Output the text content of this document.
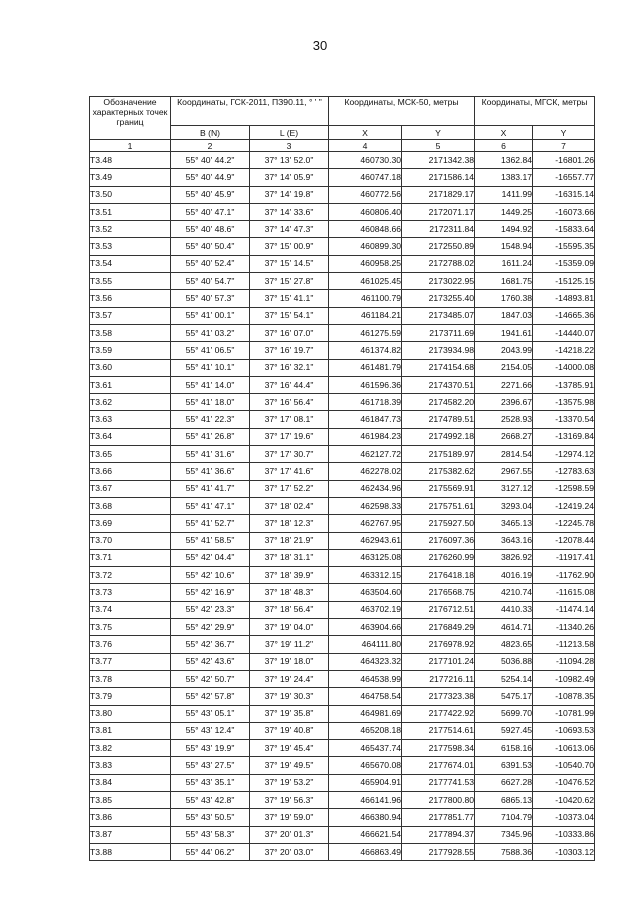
30
Обозначение характерных точек границ	Координаты, ГСК-2011, ПЗ90.11, ° ' "		Координаты, МСК-50, метры		Координаты, МГСК, метры	
	B (N)	L (E)	X	Y	X	Y
1	2	3	4	5	6	7
Т3.48	55° 40' 44.2"	37° 13' 52.0"	460730.30	2171342.38	1362.84	-16801.26
Т3.49	55° 40' 44.9"	37° 14' 05.9"	460747.18	2171586.14	1383.17	-16557.77
Т3.50	55° 40' 45.9"	37° 14' 19.8"	460772.56	2171829.17	1411.99	-16315.14
Т3.51	55° 40' 47.1"	37° 14' 33.6"	460806.40	2172071.17	1449.25	-16073.66
Т3.52	55° 40' 48.6"	37° 14' 47.3"	460848.66	2172311.84	1494.92	-15833.64
Т3.53	55° 40' 50.4"	37° 15' 00.9"	460899.30	2172550.89	1548.94	-15595.35
Т3.54	55° 40' 52.4"	37° 15' 14.5"	460958.25	2172788.02	1611.24	-15359.09
Т3.55	55° 40' 54.7"	37° 15' 27.8"	461025.45	2173022.95	1681.75	-15125.15
Т3.56	55° 40' 57.3"	37° 15' 41.1"	461100.79	2173255.40	1760.38	-14893.81
Т3.57	55° 41' 00.1"	37° 15' 54.1"	461184.21	2173485.07	1847.03	-14665.36
Т3.58	55° 41' 03.2"	37° 16' 07.0"	461275.59	2173711.69	1941.61	-14440.07
Т3.59	55° 41' 06.5"	37° 16' 19.7"	461374.82	2173934.98	2043.99	-14218.22
Т3.60	55° 41' 10.1"	37° 16' 32.1"	461481.79	2174154.68	2154.05	-14000.08
Т3.61	55° 41' 14.0"	37° 16' 44.4"	461596.36	2174370.51	2271.66	-13785.91
Т3.62	55° 41' 18.0"	37° 16' 56.4"	461718.39	2174582.20	2396.67	-13575.98
Т3.63	55° 41' 22.3"	37° 17' 08.1"	461847.73	2174789.51	2528.93	-13370.54
Т3.64	55° 41' 26.8"	37° 17' 19.6"	461984.23	2174992.18	2668.27	-13169.84
Т3.65	55° 41' 31.6"	37° 17' 30.7"	462127.72	2175189.97	2814.54	-12974.12
Т3.66	55° 41' 36.6"	37° 17' 41.6"	462278.02	2175382.62	2967.55	-12783.63
Т3.67	55° 41' 41.7"	37° 17' 52.2"	462434.96	2175569.91	3127.12	-12598.59
Т3.68	55° 41' 47.1"	37° 18' 02.4"	462598.33	2175751.61	3293.04	-12419.24
Т3.69	55° 41' 52.7"	37° 18' 12.3"	462767.95	2175927.50	3465.13	-12245.78
Т3.70	55° 41' 58.5"	37° 18' 21.9"	462943.61	2176097.36	3643.16	-12078.44
Т3.71	55° 42' 04.4"	37° 18' 31.1"	463125.08	2176260.99	3826.92	-11917.41
Т3.72	55° 42' 10.6"	37° 18' 39.9"	463312.15	2176418.18	4016.19	-11762.90
Т3.73	55° 42' 16.9"	37° 18' 48.3"	463504.60	2176568.75	4210.74	-11615.08
Т3.74	55° 42' 23.3"	37° 18' 56.4"	463702.19	2176712.51	4410.33	-11474.14
Т3.75	55° 42' 29.9"	37° 19' 04.0"	463904.66	2176849.29	4614.71	-11340.26
Т3.76	55° 42' 36.7"	37° 19' 11.2"	464111.80	2176978.92	4823.65	-11213.58
Т3.77	55° 42' 43.6"	37° 19' 18.0"	464323.32	2177101.24	5036.88	-11094.28
Т3.78	55° 42' 50.7"	37° 19' 24.4"	464538.99	2177216.11	5254.14	-10982.49
Т3.79	55° 42' 57.8"	37° 19' 30.3"	464758.54	2177323.38	5475.17	-10878.35
Т3.80	55° 43' 05.1"	37° 19' 35.8"	464981.69	2177422.92	5699.70	-10781.99
Т3.81	55° 43' 12.4"	37° 19' 40.8"	465208.18	2177514.61	5927.45	-10693.53
Т3.82	55° 43' 19.9"	37° 19' 45.4"	465437.74	2177598.34	6158.16	-10613.06
Т3.83	55° 43' 27.5"	37° 19' 49.5"	465670.08	2177674.01	6391.53	-10540.70
Т3.84	55° 43' 35.1"	37° 19' 53.2"	465904.91	2177741.53	6627.28	-10476.52
Т3.85	55° 43' 42.8"	37° 19' 56.3"	466141.96	2177800.80	6865.13	-10420.62
Т3.86	55° 43' 50.5"	37° 19' 59.0"	466380.94	2177851.77	7104.79	-10373.04
Т3.87	55° 43' 58.3"	37° 20' 01.3"	466621.54	2177894.37	7345.96	-10333.86
Т3.88	55° 44' 06.2"	37° 20' 03.0"	466863.49	2177928.55	7588.36	-10303.12
